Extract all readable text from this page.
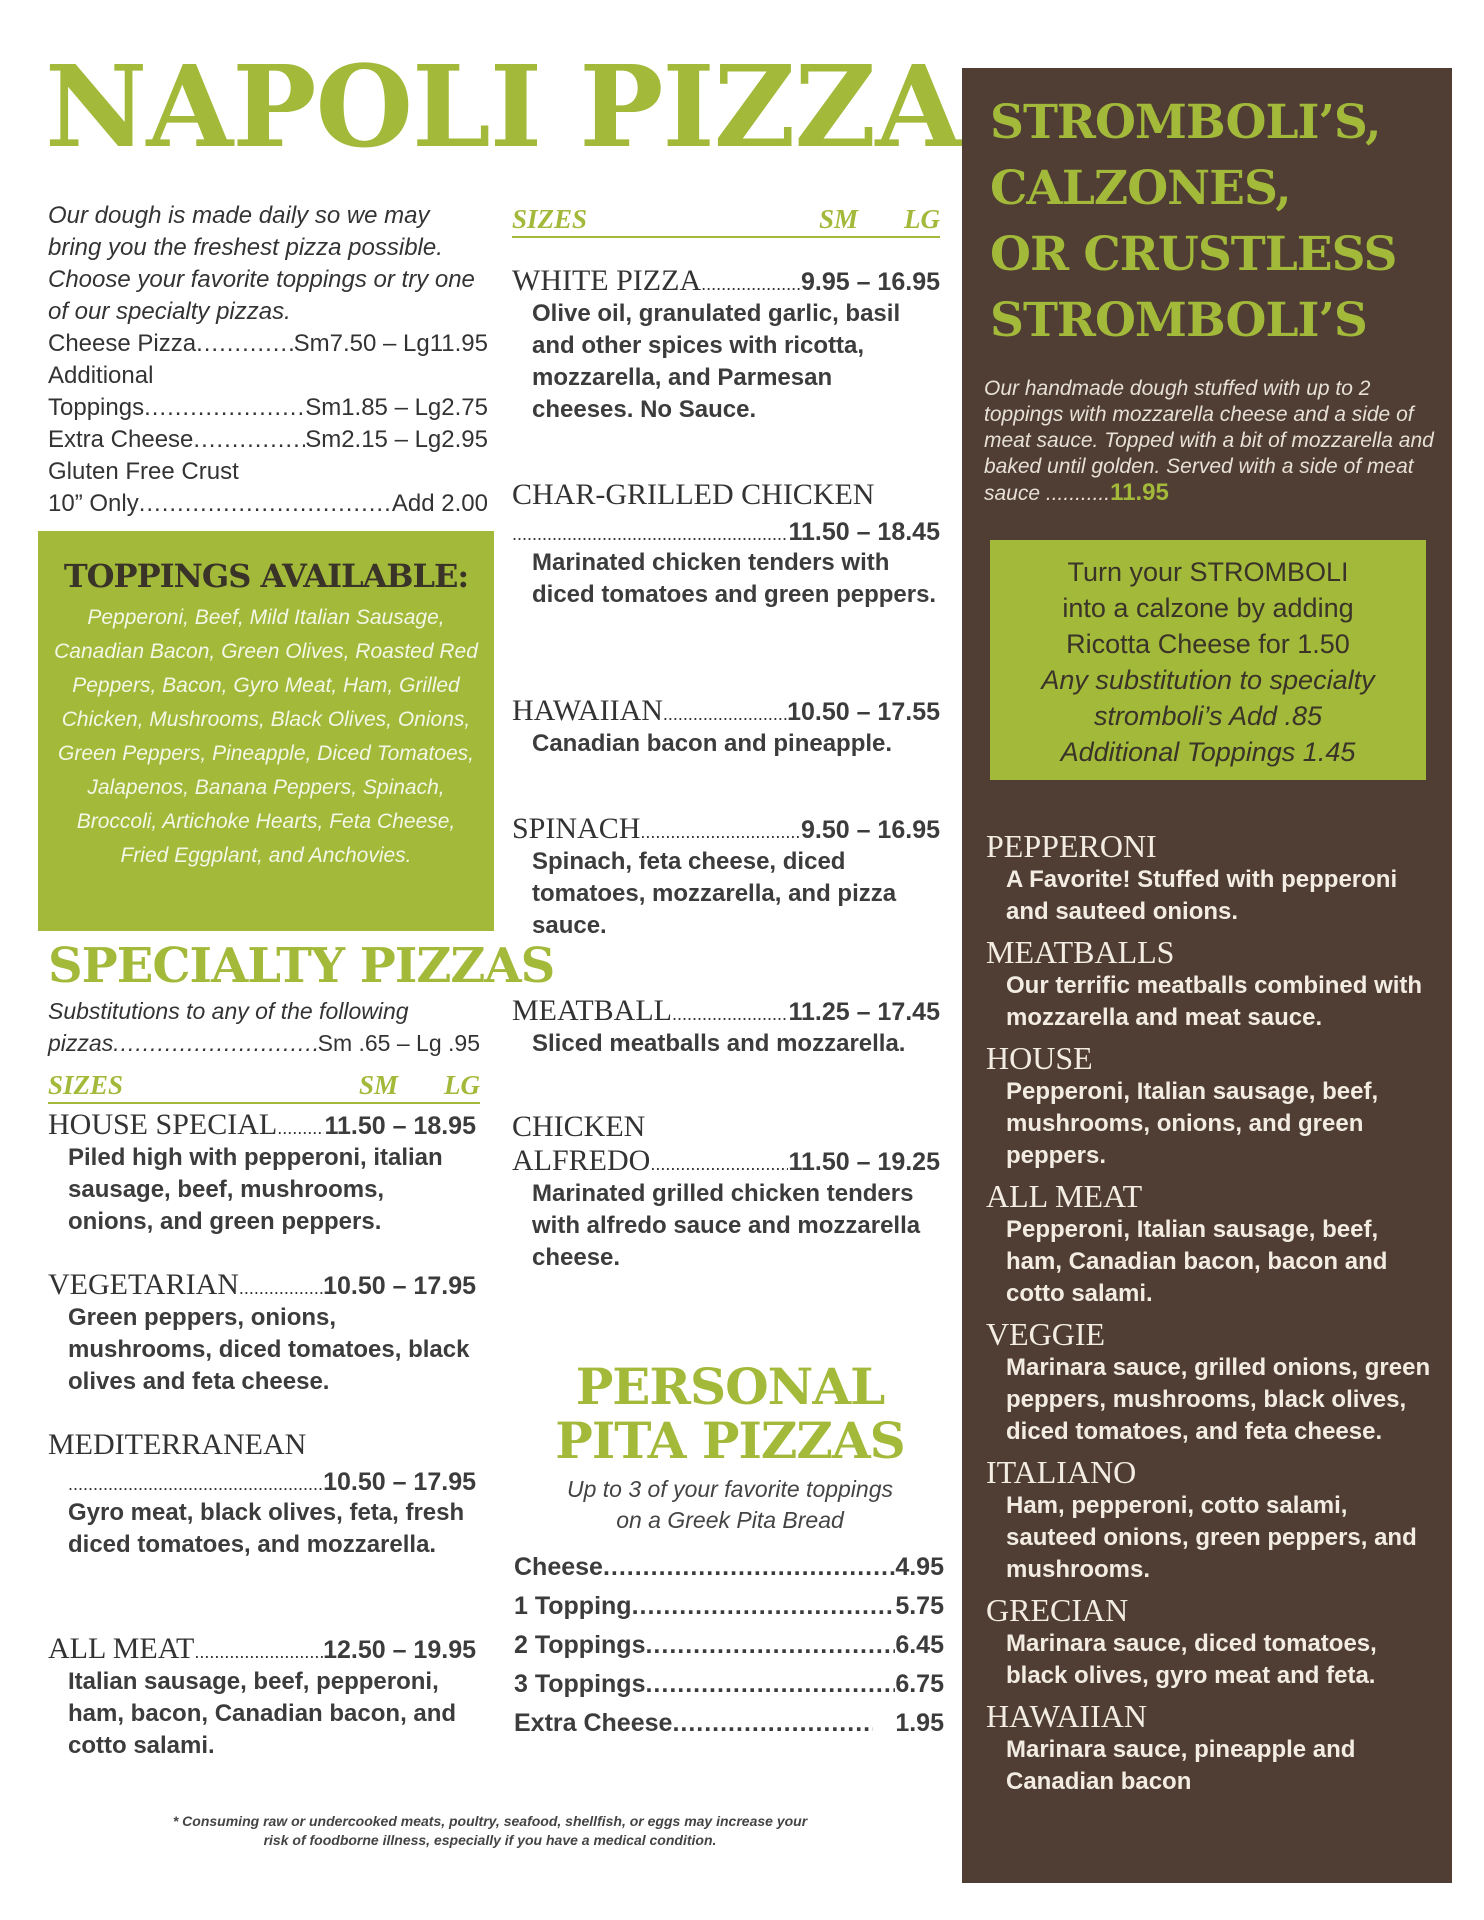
NAPOLI PIZZA
Our dough is made daily so we may bring you the freshest pizza possible. Choose your favorite toppings or try one of our specialty pizzas.
Cheese Pizza .....	Sm7.50 – Lg11.95
Additional
Toppings .....	Sm1.85 – Lg2.75
Extra Cheese .....	Sm2.15 – Lg2.95
Gluten Free Crust
10” Only .....	Add 2.00
TOPPINGS AVAILABLE:
Pepperoni, Beef, Mild Italian Sausage, Canadian Bacon, Green Olives, Roasted Red Peppers, Bacon, Gyro Meat, Ham, Grilled Chicken, Mushrooms, Black Olives, Onions, Green Peppers, Pineapple, Diced Tomatoes, Jalapenos, Banana Peppers, Spinach, Broccoli, Artichoke Hearts, Feta Cheese, Fried Eggplant, and Anchovies.
SPECIALTY PIZZAS
Substitutions to any of the following
pizzas .....	Sm .65 – Lg .95
SIZES	SM LG
HOUSE SPECIAL ..... 11.50 – 18.95
Piled high with pepperoni, italian sausage, beef, mushrooms, onions, and green peppers.
VEGETARIAN .....	10.50 – 17.95
Green peppers, onions, mushrooms, diced tomatoes, black olives and feta cheese.
MEDITERRANEAN
.....
10.50 – 17.95
Gyro meat, black olives, feta, fresh diced tomatoes, and mozzarella.
ALL MEAT .....	12.50 – 19.95
Italian sausage, beef, pepperoni, ham, bacon, Canadian bacon, and cotto salami.
* Consuming raw or undercooked meats, poultry, seafood, shellfish, or eggs may increase your
risk of foodborne illness, especially if you have a medical condition.
SIZES	SM LG
WHITE PIZZA .....	9.95 – 16.95
Olive oil, granulated garlic, basil and other spices with ricotta, mozzarella, and Parmesan cheeses. No Sauce.
CHAR-GRILLED CHICKEN
.....
11.50 – 18.45
Marinated chicken tenders with diced tomatoes and green peppers.
HAWAIIAN .....	10.50 – 17.55
Canadian bacon and pineapple.
SPINACH .....	9.50 – 16.95
Spinach, feta cheese, diced tomatoes, mozzarella, and pizza sauce.
MEATBALL .....	11.25 – 17.45
Sliced meatballs and mozzarella.
CHICKEN
ALFREDO .....	11.50 – 19.25
Marinated grilled chicken tenders with alfredo sauce and mozzarella cheese.
PERSONAL
PITA PIZZAS
Up to 3 of your favorite toppings
on a Greek Pita Bread
Cheese .....	4.95
1 Topping .....	5.75
2 Toppings .....	6.45
3 Toppings .....	6.75
Extra Cheese .....	1.95
STROMBOLI’S,
CALZONES,
OR CRUSTLESS
STROMBOLI’S
Our handmade dough stuffed with up to 2 toppings with mozzarella cheese and a side of meat sauce. Topped with a bit of mozzarella and baked until golden. Served with a side of meat sauce ...........11.95
Turn your STROMBOLI
into a calzone by adding
Ricotta Cheese for 1.50
Any substitution to specialty
stromboli’s Add .85
Additional Toppings 1.45
PEPPERONI
A Favorite! Stuffed with pepperoni and sauteed onions.
MEATBALLS
Our terrific meatballs combined with mozzarella and meat sauce.
HOUSE
Pepperoni, Italian sausage, beef, mushrooms, onions, and green peppers.
ALL MEAT
Pepperoni, Italian sausage, beef, ham, Canadian bacon, bacon and cotto salami.
VEGGIE
Marinara sauce, grilled onions, green peppers, mushrooms, black olives, diced tomatoes, and feta cheese.
ITALIANO
Ham, pepperoni, cotto salami, sauteed onions, green peppers, and mushrooms.
GRECIAN
Marinara sauce, diced tomatoes, black olives, gyro meat and feta.
HAWAIIAN
Marinara sauce, pineapple and Canadian bacon
